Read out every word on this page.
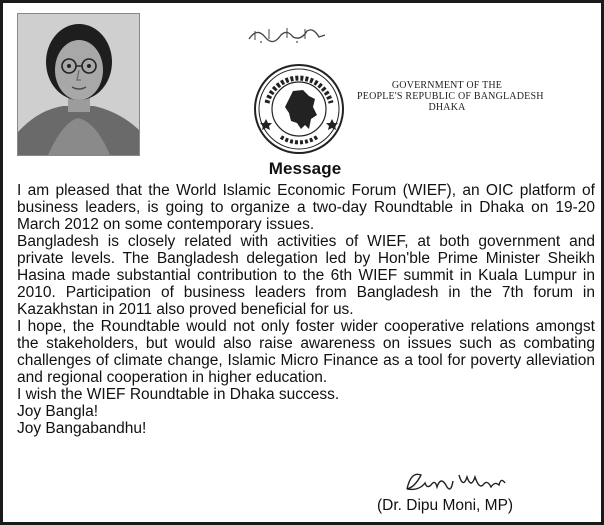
GOVERNMENT OF THE
PEOPLE'S REPUBLIC OF BANGLADESH
DHAKA
Message

I am pleased that the World Islamic Economic Forum (WIEF), an OIC platform of business leaders, is going to organize a two-day Roundtable in Dhaka on 19-20 March 2012 on some contemporary issues.

Bangladesh is closely related with activities of WIEF, at both government and private levels. The Bangladesh delegation led by Hon'ble Prime Minister Sheikh Hasina made substantial contribution to the 6th WIEF summit in Kuala Lumpur in 2010. Participation of business leaders from Bangladesh in the 7th forum in Kazakhstan in 2011 also proved beneficial for us.

I hope, the Roundtable would not only foster wider cooperative relations amongst the stakeholders, but would also raise awareness on issues such as combating challenges of climate change, Islamic Micro Finance as a tool for poverty alleviation and regional cooperation in higher education.

I wish the WIEF Roundtable in Dhaka success.

Joy Bangla!

Joy Bangabandhu!

(Dr. Dipu Moni, MP)
